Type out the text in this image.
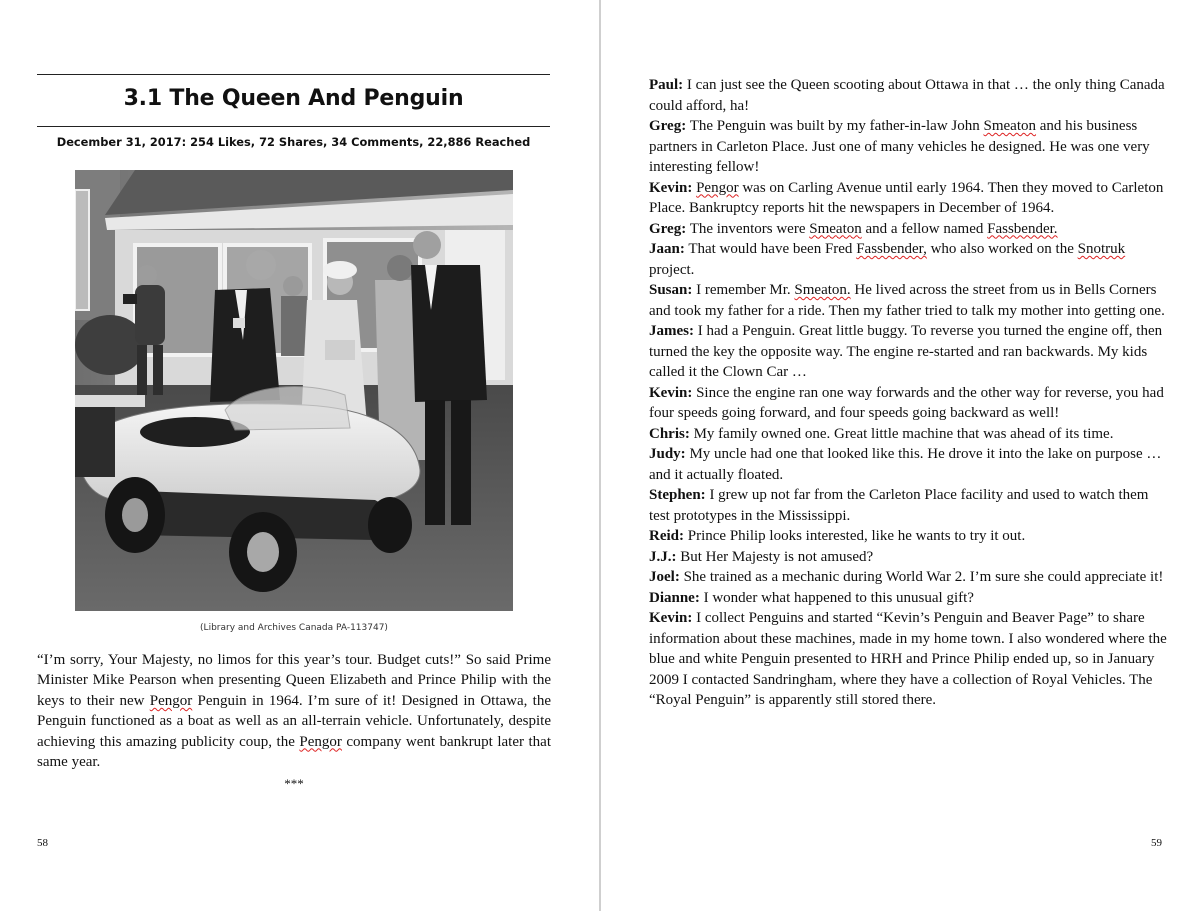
3.1 The Queen And Penguin
December 31, 2017: 254 Likes, 72 Shares, 34 Comments, 22,886 Reached
(Library and Archives Canada PA-113747)

“I’m sorry, Your Majesty, no limos for this year’s tour. Budget cuts!” So said Prime Minister Mike Pearson when presenting Queen Elizabeth and Prince Philip with the keys to their new Pengor Penguin in 1964. I’m sure of it! Designed in Ottawa, the Penguin functioned as a boat as well as an all-terrain vehicle. Unfortunately, despite achieving this amazing publicity coup, the Pengor company went bankrupt later that same year.

***
58

Paul: I can just see the Queen scooting about Ottawa in that … the only thing Canada could afford, ha!

Greg: The Penguin was built by my father-in-law John Smeaton and his business partners in Carleton Place. Just one of many vehicles he designed. He was one very interesting fellow!

Kevin: Pengor was on Carling Avenue until early 1964. Then they moved to Carleton Place. Bankruptcy reports hit the newspapers in December of 1964.

Greg: The inventors were Smeaton and a fellow named Fassbender.

Jaan: That would have been Fred Fassbender, who also worked on the Snotruk project.

Susan: I remember Mr. Smeaton. He lived across the street from us in Bells Corners and took my father for a ride. Then my father tried to talk my mother into getting one.

James: I had a Penguin. Great little buggy. To reverse you turned the engine off, then turned the key the opposite way. The engine re-started and ran backwards. My kids called it the Clown Car …

Kevin: Since the engine ran one way forwards and the other way for reverse, you had four speeds going forward, and four speeds going backward as well!

Chris: My family owned one. Great little machine that was ahead of its time.

Judy: My uncle had one that looked like this. He drove it into the lake on purpose … and it actually floated.

Stephen: I grew up not far from the Carleton Place facility and used to watch them test prototypes in the Mississippi.

Reid: Prince Philip looks interested, like he wants to try it out.

J.J.: But Her Majesty is not amused?

Joel: She trained as a mechanic during World War 2. I’m sure she could appreciate it!

Dianne: I wonder what happened to this unusual gift?

Kevin: I collect Penguins and started “Kevin’s Penguin and Beaver Page” to share information about these machines, made in my home town. I also wondered where the blue and white Penguin presented to HRH and Prince Philip ended up, so in January 2009 I contacted Sandringham, where they have a collection of Royal Vehicles. The “Royal Penguin” is apparently still stored there.

59
